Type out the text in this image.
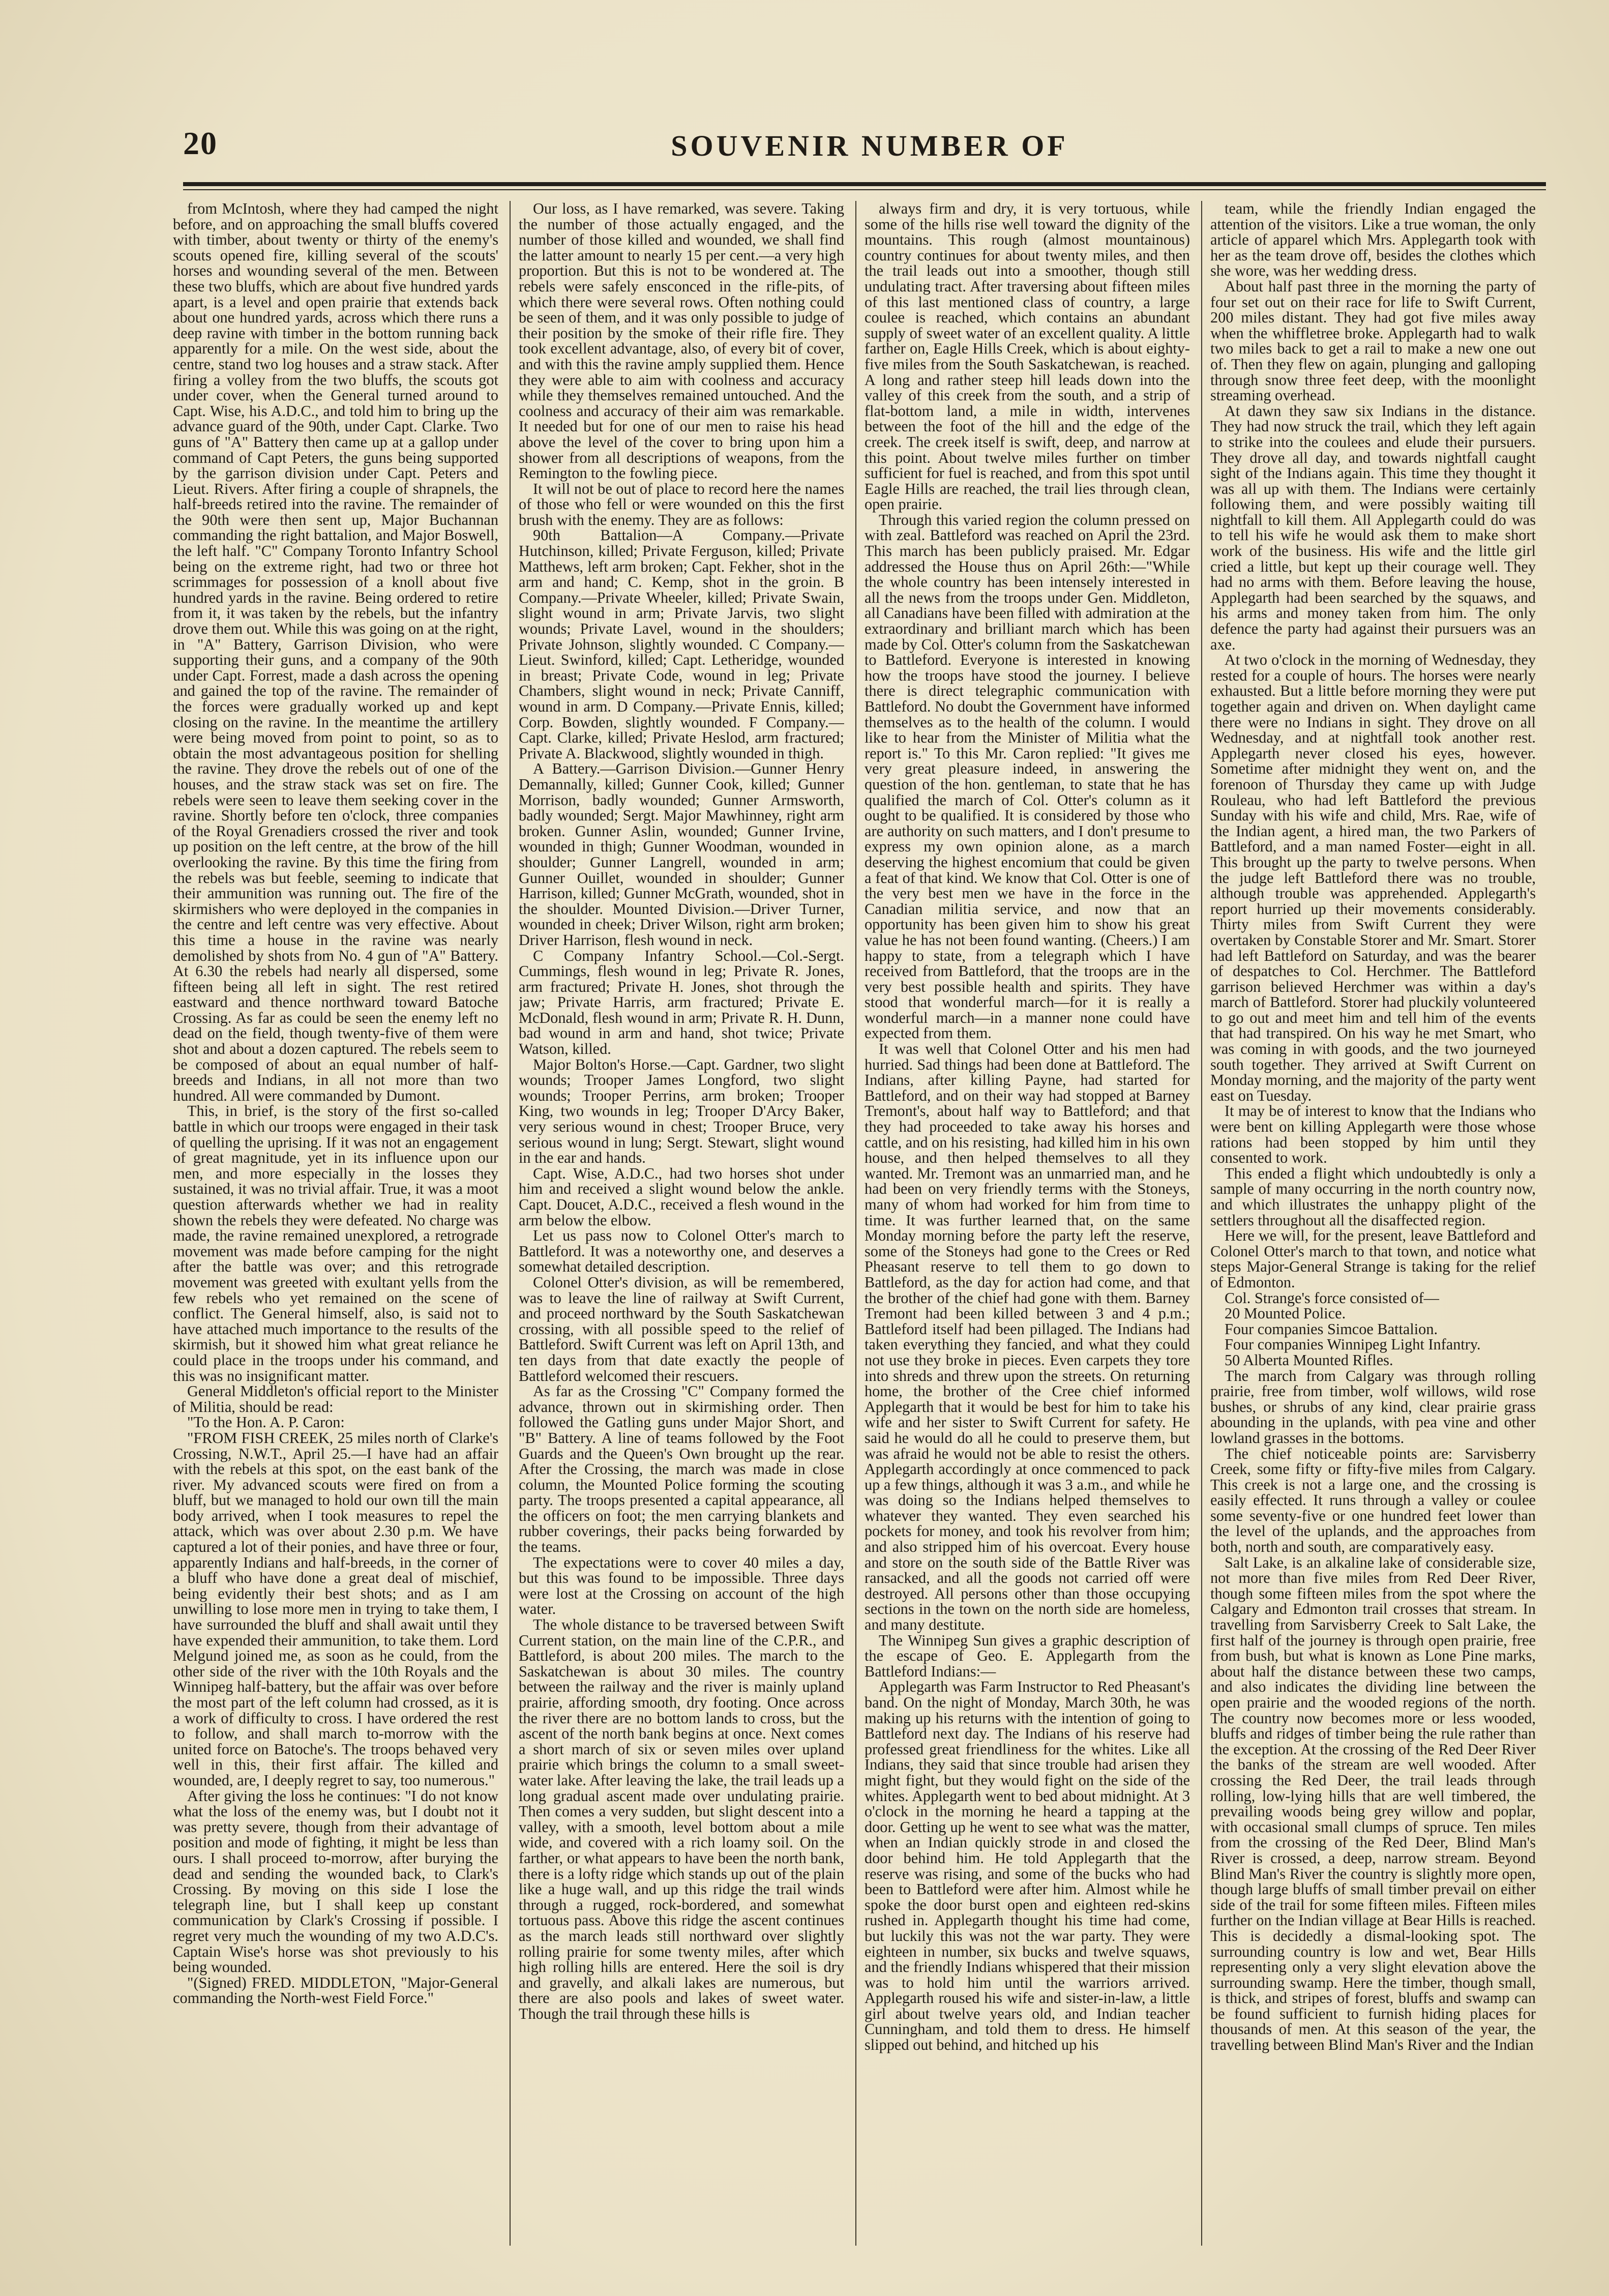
20	SOUVENIR NUMBER OF

from McIntosh, where they had camped the night before, and on approaching the small bluffs covered with timber, about twenty or thirty of the enemy's scouts opened fire, killing several of the scouts' horses and wounding several of the men. Between these two bluffs, which are about five hundred yards apart, is a level and open prairie that extends back about one hundred yards, across which there runs a deep ravine with timber in the bottom running back apparently for a mile. On the west side, about the centre, stand two log houses and a straw stack. After firing a volley from the two bluffs, the scouts got under cover, when the General turned around to Capt. Wise, his A.D.C., and told him to bring up the advance guard of the 90th, under Capt. Clarke. Two guns of "A" Battery then came up at a gallop under command of Capt Peters, the guns being supported by the garrison division under Capt. Peters and Lieut. Rivers. After firing a couple of shrapnels, the half-breeds retired into the ravine. The remainder of the 90th were then sent up, Major Buchannan commanding the right battalion, and Major Boswell, the left half. "C" Company Toronto Infantry School being on the extreme right, had two or three hot scrimmages for possession of a knoll about five hundred yards in the ravine. Being ordered to retire from it, it was taken by the rebels, but the infantry drove them out. While this was going on at the right, in "A" Battery, Garrison Division, who were supporting their guns, and a company of the 90th under Capt. Forrest, made a dash across the opening and gained the top of the ravine. The remainder of the forces were gradually worked up and kept closing on the ravine. In the meantime the artillery were being moved from point to point, so as to obtain the most advantageous position for shelling the ravine. They drove the rebels out of one of the houses, and the straw stack was set on fire. The rebels were seen to leave them seeking cover in the ravine. Shortly before ten o'clock, three companies of the Royal Grenadiers crossed the river and took up position on the left centre, at the brow of the hill overlooking the ravine. By this time the firing from the rebels was but feeble, seeming to indicate that their ammunition was running out. The fire of the skirmishers who were deployed in the companies in the centre and left centre was very effective. About this time a house in the ravine was nearly demolished by shots from No. 4 gun of "A" Battery. At 6.30 the rebels had nearly all dispersed, some fifteen being all left in sight. The rest retired eastward and thence northward toward Batoche Crossing. As far as could be seen the enemy left no dead on the field, though twenty-five of them were shot and about a dozen captured. The rebels seem to be composed of about an equal number of half-breeds and Indians, in all not more than two hundred. All were commanded by Dumont.

This, in brief, is the story of the first so-called battle in which our troops were engaged in their task of quelling the uprising. If it was not an engagement of great magnitude, yet in its influence upon our men, and more especially in the losses they sustained, it was no trivial affair. True, it was a moot question afterwards whether we had in reality shown the rebels they were defeated. No charge was made, the ravine remained unexplored, a retrograde movement was made before camping for the night after the battle was over; and this retrograde movement was greeted with exultant yells from the few rebels who yet remained on the scene of conflict. The General himself, also, is said not to have attached much importance to the results of the skirmish, but it showed him what great reliance he could place in the troops under his command, and this was no insignificant matter.

General Middleton's official report to the Minister of Militia, should be read:

"To the Hon. A. P. Caron:

"FROM FISH CREEK, 25 miles north of Clarke's Crossing, N.W.T., April 25.—I have had an affair with the rebels at this spot, on the east bank of the river. My advanced scouts were fired on from a bluff, but we managed to hold our own till the main body arrived, when I took measures to repel the attack, which was over about 2.30 p.m. We have captured a lot of their ponies, and have three or four, apparently Indians and half-breeds, in the corner of a bluff who have done a great deal of mischief, being evidently their best shots; and as I am unwilling to lose more men in trying to take them, I have surrounded the bluff and shall await until they have expended their ammunition, to take them. Lord Melgund joined me, as soon as he could, from the other side of the river with the 10th Royals and the Winnipeg half-battery, but the affair was over before the most part of the left column had crossed, as it is a work of difficulty to cross. I have ordered the rest to follow, and shall march to-morrow with the united force on Batoche's. The troops behaved very well in this, their first affair. The killed and wounded, are, I deeply regret to say, too numerous."

After giving the loss he continues: "I do not know what the loss of the enemy was, but I doubt not it was pretty severe, though from their advantage of position and mode of fighting, it might be less than ours. I shall proceed to-morrow, after burying the dead and sending the wounded back, to Clark's Crossing. By moving on this side I lose the telegraph line, but I shall keep up constant communication by Clark's Crossing if possible. I regret very much the wounding of my two A.D.C's. Captain Wise's horse was shot previously to his being wounded.

"(Signed) FRED. MIDDLETON, "Major-General commanding the North-west Field Force."

Our loss, as I have remarked, was severe. Taking the number of those actually engaged, and the number of those killed and wounded, we shall find the latter amount to nearly 15 per cent.—a very high proportion. But this is not to be wondered at. The rebels were safely ensconced in the rifle-pits, of which there were several rows. Often nothing could be seen of them, and it was only possible to judge of their position by the smoke of their rifle fire. They took excellent advantage, also, of every bit of cover, and with this the ravine amply supplied them. Hence they were able to aim with coolness and accuracy while they themselves remained untouched. And the coolness and accuracy of their aim was remarkable. It needed but for one of our men to raise his head above the level of the cover to bring upon him a shower from all descriptions of weapons, from the Remington to the fowling piece.

It will not be out of place to record here the names of those who fell or were wounded on this the first brush with the enemy. They are as follows:

90th Battalion—A Company.—Private Hutchinson, killed; Private Ferguson, killed; Private Matthews, left arm broken; Capt. Fekher, shot in the arm and hand; C. Kemp, shot in the groin. B Company.—Private Wheeler, killed; Private Swain, slight wound in arm; Private Jarvis, two slight wounds; Private Lavel, wound in the shoulders; Private Johnson, slightly wounded. C Company.—Lieut. Swinford, killed; Capt. Letheridge, wounded in breast; Private Code, wound in leg; Private Chambers, slight wound in neck; Private Canniff, wound in arm. D Company.—Private Ennis, killed; Corp. Bowden, slightly wounded. F Company.—Capt. Clarke, killed; Private Heslod, arm fractured; Private A. Blackwood, slightly wounded in thigh.

A Battery.—Garrison Division.—Gunner Henry Demannally, killed; Gunner Cook, killed; Gunner Morrison, badly wounded; Gunner Armsworth, badly wounded; Sergt. Major Mawhinney, right arm broken. Gunner Aslin, wounded; Gunner Irvine, wounded in thigh; Gunner Woodman, wounded in shoulder; Gunner Langrell, wounded in arm; Gunner Ouillet, wounded in shoulder; Gunner Harrison, killed; Gunner McGrath, wounded, shot in the shoulder. Mounted Division.—Driver Turner, wounded in cheek; Driver Wilson, right arm broken; Driver Harrison, flesh wound in neck.

C Company Infantry School.—Col.-Sergt. Cummings, flesh wound in leg; Private R. Jones, arm fractured; Private H. Jones, shot through the jaw; Private Harris, arm fractured; Private E. McDonald, flesh wound in arm; Private R. H. Dunn, bad wound in arm and hand, shot twice; Private Watson, killed.

Major Bolton's Horse.—Capt. Gardner, two slight wounds; Trooper James Longford, two slight wounds; Trooper Perrins, arm broken; Trooper King, two wounds in leg; Trooper D'Arcy Baker, very serious wound in chest; Trooper Bruce, very serious wound in lung; Sergt. Stewart, slight wound in the ear and hands.

Capt. Wise, A.D.C., had two horses shot under him and received a slight wound below the ankle. Capt. Doucet, A.D.C., received a flesh wound in the arm below the elbow.

Let us pass now to Colonel Otter's march to Battleford. It was a noteworthy one, and deserves a somewhat detailed description.

Colonel Otter's division, as will be remembered, was to leave the line of railway at Swift Current, and proceed northward by the South Saskatchewan crossing, with all possible speed to the relief of Battleford. Swift Current was left on April 13th, and ten days from that date exactly the people of Battleford welcomed their rescuers.

As far as the Crossing "C" Company formed the advance, thrown out in skirmishing order. Then followed the Gatling guns under Major Short, and "B" Battery. A line of teams followed by the Foot Guards and the Queen's Own brought up the rear. After the Crossing, the march was made in close column, the Mounted Police forming the scouting party. The troops presented a capital appearance, all the officers on foot; the men carrying blankets and rubber coverings, their packs being forwarded by the teams.

The expectations were to cover 40 miles a day, but this was found to be impossible. Three days were lost at the Crossing on account of the high water.

The whole distance to be traversed between Swift Current station, on the main line of the C.P.R., and Battleford, is about 200 miles. The march to the Saskatchewan is about 30 miles. The country between the railway and the river is mainly upland prairie, affording smooth, dry footing. Once across the river there are no bottom lands to cross, but the ascent of the north bank begins at once. Next comes a short march of six or seven miles over upland prairie which brings the column to a small sweet-water lake. After leaving the lake, the trail leads up a long gradual ascent made over undulating prairie. Then comes a very sudden, but slight descent into a valley, with a smooth, level bottom about a mile wide, and covered with a rich loamy soil. On the farther, or what appears to have been the north bank, there is a lofty ridge which stands up out of the plain like a huge wall, and up this ridge the trail winds through a rugged, rock-bordered, and somewhat tortuous pass. Above this ridge the ascent continues as the march leads still northward over slightly rolling prairie for some twenty miles, after which high rolling hills are entered. Here the soil is dry and gravelly, and alkali lakes are numerous, but there are also pools and lakes of sweet water. Though the trail through these hills is

always firm and dry, it is very tortuous, while some of the hills rise well toward the dignity of the mountains. This rough (almost mountainous) country continues for about twenty miles, and then the trail leads out into a smoother, though still undulating tract. After traversing about fifteen miles of this last mentioned class of country, a large coulee is reached, which contains an abundant supply of sweet water of an excellent quality. A little farther on, Eagle Hills Creek, which is about eighty-five miles from the South Saskatchewan, is reached. A long and rather steep hill leads down into the valley of this creek from the south, and a strip of flat-bottom land, a mile in width, intervenes between the foot of the hill and the edge of the creek. The creek itself is swift, deep, and narrow at this point. About twelve miles further on timber sufficient for fuel is reached, and from this spot until Eagle Hills are reached, the trail lies through clean, open prairie.

Through this varied region the column pressed on with zeal. Battleford was reached on April the 23rd. This march has been publicly praised. Mr. Edgar addressed the House thus on April 26th:—"While the whole country has been intensely interested in all the news from the troops under Gen. Middleton, all Canadians have been filled with admiration at the extraordinary and brilliant march which has been made by Col. Otter's column from the Saskatchewan to Battleford. Everyone is interested in knowing how the troops have stood the journey. I believe there is direct telegraphic communication with Battleford. No doubt the Government have informed themselves as to the health of the column. I would like to hear from the Minister of Militia what the report is." To this Mr. Caron replied: "It gives me very great pleasure indeed, in answering the question of the hon. gentleman, to state that he has qualified the march of Col. Otter's column as it ought to be qualified. It is considered by those who are authority on such matters, and I don't presume to express my own opinion alone, as a march deserving the highest encomium that could be given a feat of that kind. We know that Col. Otter is one of the very best men we have in the force in the Canadian militia service, and now that an opportunity has been given him to show his great value he has not been found wanting. (Cheers.) I am happy to state, from a telegraph which I have received from Battleford, that the troops are in the very best possible health and spirits. They have stood that wonderful march—for it is really a wonderful march—in a manner none could have expected from them.

It was well that Colonel Otter and his men had hurried. Sad things had been done at Battleford. The Indians, after killing Payne, had started for Battleford, and on their way had stopped at Barney Tremont's, about half way to Battleford; and that they had proceeded to take away his horses and cattle, and on his resisting, had killed him in his own house, and then helped themselves to all they wanted. Mr. Tremont was an unmarried man, and he had been on very friendly terms with the Stoneys, many of whom had worked for him from time to time. It was further learned that, on the same Monday morning before the party left the reserve, some of the Stoneys had gone to the Crees or Red Pheasant reserve to tell them to go down to Battleford, as the day for action had come, and that the brother of the chief had gone with them. Barney Tremont had been killed between 3 and 4 p.m.; Battleford itself had been pillaged. The Indians had taken everything they fancied, and what they could not use they broke in pieces. Even carpets they tore into shreds and threw upon the streets. On returning home, the brother of the Cree chief informed Applegarth that it would be best for him to take his wife and her sister to Swift Current for safety. He said he would do all he could to preserve them, but was afraid he would not be able to resist the others. Applegarth accordingly at once commenced to pack up a few things, although it was 3 a.m., and while he was doing so the Indians helped themselves to whatever they wanted. They even searched his pockets for money, and took his revolver from him; and also stripped him of his overcoat. Every house and store on the south side of the Battle River was ransacked, and all the goods not carried off were destroyed. All persons other than those occupying sections in the town on the north side are homeless, and many destitute.

The Winnipeg Sun gives a graphic description of the escape of Geo. E. Applegarth from the Battleford Indians:—

Applegarth was Farm Instructor to Red Pheasant's band. On the night of Monday, March 30th, he was making up his returns with the intention of going to Battleford next day. The Indians of his reserve had professed great friendliness for the whites. Like all Indians, they said that since trouble had arisen they might fight, but they would fight on the side of the whites. Applegarth went to bed about midnight. At 3 o'clock in the morning he heard a tapping at the door. Getting up he went to see what was the matter, when an Indian quickly strode in and closed the door behind him. He told Applegarth that the reserve was rising, and some of the bucks who had been to Battleford were after him. Almost while he spoke the door burst open and eighteen red-skins rushed in. Applegarth thought his time had come, but luckily this was not the war party. They were eighteen in number, six bucks and twelve squaws, and the friendly Indians whispered that their mission was to hold him until the warriors arrived. Applegarth roused his wife and sister-in-law, a little girl about twelve years old, and Indian teacher Cunningham, and told them to dress. He himself slipped out behind, and hitched up his

team, while the friendly Indian engaged the attention of the visitors. Like a true woman, the only article of apparel which Mrs. Applegarth took with her as the team drove off, besides the clothes which she wore, was her wedding dress.

About half past three in the morning the party of four set out on their race for life to Swift Current, 200 miles distant. They had got five miles away when the whiffletree broke. Applegarth had to walk two miles back to get a rail to make a new one out of. Then they flew on again, plunging and galloping through snow three feet deep, with the moonlight streaming overhead.

At dawn they saw six Indians in the distance. They had now struck the trail, which they left again to strike into the coulees and elude their pursuers. They drove all day, and towards nightfall caught sight of the Indians again. This time they thought it was all up with them. The Indians were certainly following them, and were possibly waiting till nightfall to kill them. All Applegarth could do was to tell his wife he would ask them to make short work of the business. His wife and the little girl cried a little, but kept up their courage well. They had no arms with them. Before leaving the house, Applegarth had been searched by the squaws, and his arms and money taken from him. The only defence the party had against their pursuers was an axe.

At two o'clock in the morning of Wednesday, they rested for a couple of hours. The horses were nearly exhausted. But a little before morning they were put together again and driven on. When daylight came there were no Indians in sight. They drove on all Wednesday, and at nightfall took another rest. Applegarth never closed his eyes, however. Sometime after midnight they went on, and the forenoon of Thursday they came up with Judge Rouleau, who had left Battleford the previous Sunday with his wife and child, Mrs. Rae, wife of the Indian agent, a hired man, the two Parkers of Battleford, and a man named Foster—eight in all. This brought up the party to twelve persons. When the judge left Battleford there was no trouble, although trouble was apprehended. Applegarth's report hurried up their movements considerably. Thirty miles from Swift Current they were overtaken by Constable Storer and Mr. Smart. Storer had left Battleford on Saturday, and was the bearer of despatches to Col. Herchmer. The Battleford garrison believed Herchmer was within a day's march of Battleford. Storer had pluckily volunteered to go out and meet him and tell him of the events that had transpired. On his way he met Smart, who was coming in with goods, and the two journeyed south together. They arrived at Swift Current on Monday morning, and the majority of the party went east on Tuesday.

It may be of interest to know that the Indians who were bent on killing Applegarth were those whose rations had been stopped by him until they consented to work.

This ended a flight which undoubtedly is only a sample of many occurring in the north country now, and which illustrates the unhappy plight of the settlers throughout all the disaffected region.

Here we will, for the present, leave Battleford and Colonel Otter's march to that town, and notice what steps Major-General Strange is taking for the relief of Edmonton.

Col. Strange's force consisted of—

20 Mounted Police.

Four companies Simcoe Battalion.

Four companies Winnipeg Light Infantry.

50 Alberta Mounted Rifles.

The march from Calgary was through rolling prairie, free from timber, wolf willows, wild rose bushes, or shrubs of any kind, clear prairie grass abounding in the uplands, with pea vine and other lowland grasses in the bottoms.

The chief noticeable points are: Sarvisberry Creek, some fifty or fifty-five miles from Calgary. This creek is not a large one, and the crossing is easily effected. It runs through a valley or coulee some seventy-five or one hundred feet lower than the level of the uplands, and the approaches from both, north and south, are comparatively easy.

Salt Lake, is an alkaline lake of considerable size, not more than five miles from Red Deer River, though some fifteen miles from the spot where the Calgary and Edmonton trail crosses that stream. In travelling from Sarvisberry Creek to Salt Lake, the first half of the journey is through open prairie, free from bush, but what is known as Lone Pine marks, about half the distance between these two camps, and also indicates the dividing line between the open prairie and the wooded regions of the north. The country now becomes more or less wooded, bluffs and ridges of timber being the rule rather than the exception. At the crossing of the Red Deer River the banks of the stream are well wooded. After crossing the Red Deer, the trail leads through rolling, low-lying hills that are well timbered, the prevailing woods being grey willow and poplar, with occasional small clumps of spruce. Ten miles from the crossing of the Red Deer, Blind Man's River is crossed, a deep, narrow stream. Beyond Blind Man's River the country is slightly more open, though large bluffs of small timber prevail on either side of the trail for some fifteen miles. Fifteen miles further on the Indian village at Bear Hills is reached. This is decidedly a dismal-looking spot. The surrounding country is low and wet, Bear Hills representing only a very slight elevation above the surrounding swamp. Here the timber, though small, is thick, and stripes of forest, bluffs and swamp can be found sufficient to furnish hiding places for thousands of men. At this season of the year, the travelling between Blind Man's River and the Indian
